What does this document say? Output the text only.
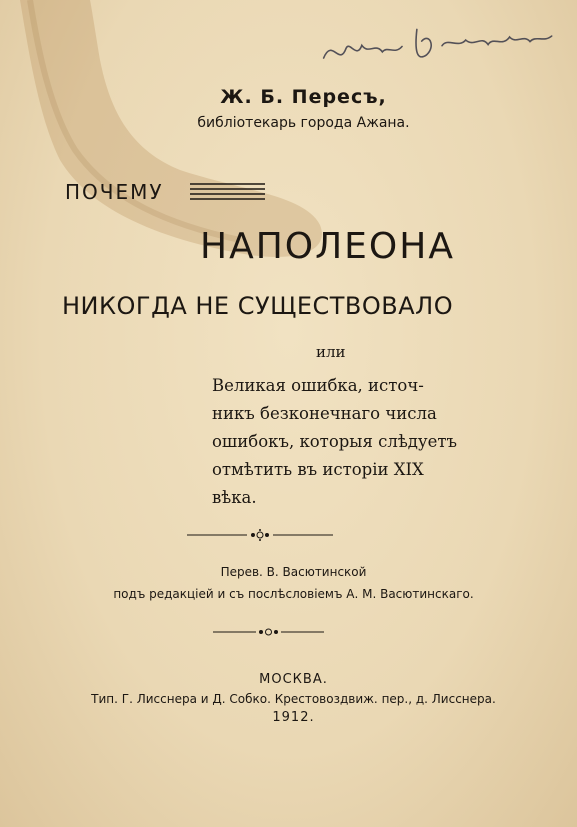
Ж. Б. Пересъ,
библіотекарь города Ажана.
ПОЧЕМУ
НАПОЛЕОНА
НИКОГДА НЕ СУЩЕСТВОВАЛО
или
Великая ошибка, источ-
никъ безконечнаго числа
ошибокъ, которыя слѣдуетъ
отмѣтить въ исторіи XIX
вѣка.
Перев. В. Васютинской
подъ редакціей и съ послѣсловіемъ А. М. Васютинскаго.
МОСКВА.
Тип. Г. Лисснера и Д. Собко. Крестовоздвиж. пер., д. Лисснера.
1912.
